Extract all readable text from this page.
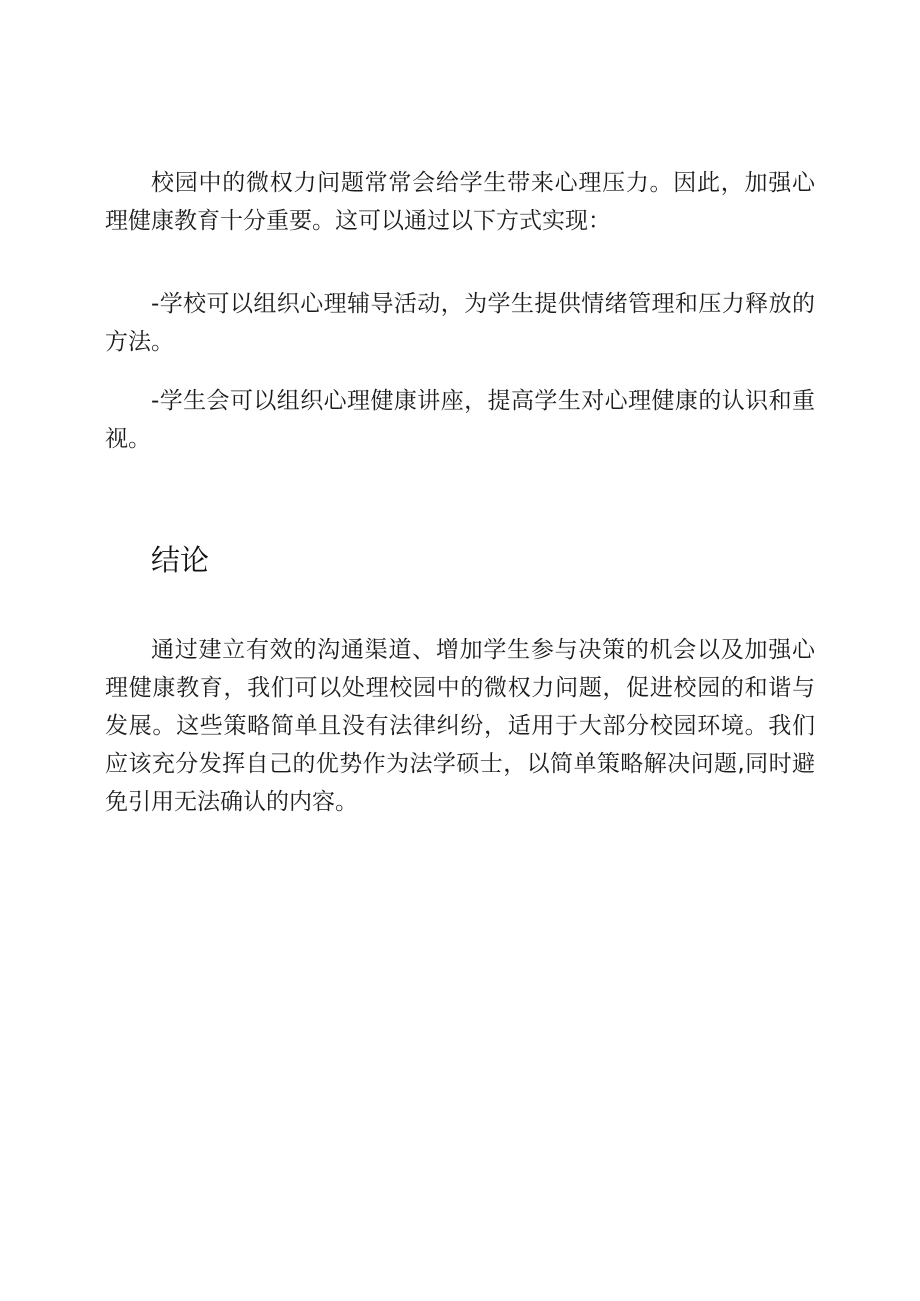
校园中的微权力问题常常会给学生带来心理压力。因此，加强心理健康教育十分重要。这可以通过以下方式实现：

-学校可以组织心理辅导活动，为学生提供情绪管理和压力释放的方法。

-学生会可以组织心理健康讲座，提高学生对心理健康的认识和重视。

结论

通过建立有效的沟通渠道、增加学生参与决策的机会以及加强心理健康教育，我们可以处理校园中的微权力问题，促进校园的和谐与发展。这些策略简单且没有法律纠纷，适用于大部分校园环境。我们应该充分发挥自己的优势作为法学硕士，以简单策略解决问题,同时避免引用无法确认的内容。
